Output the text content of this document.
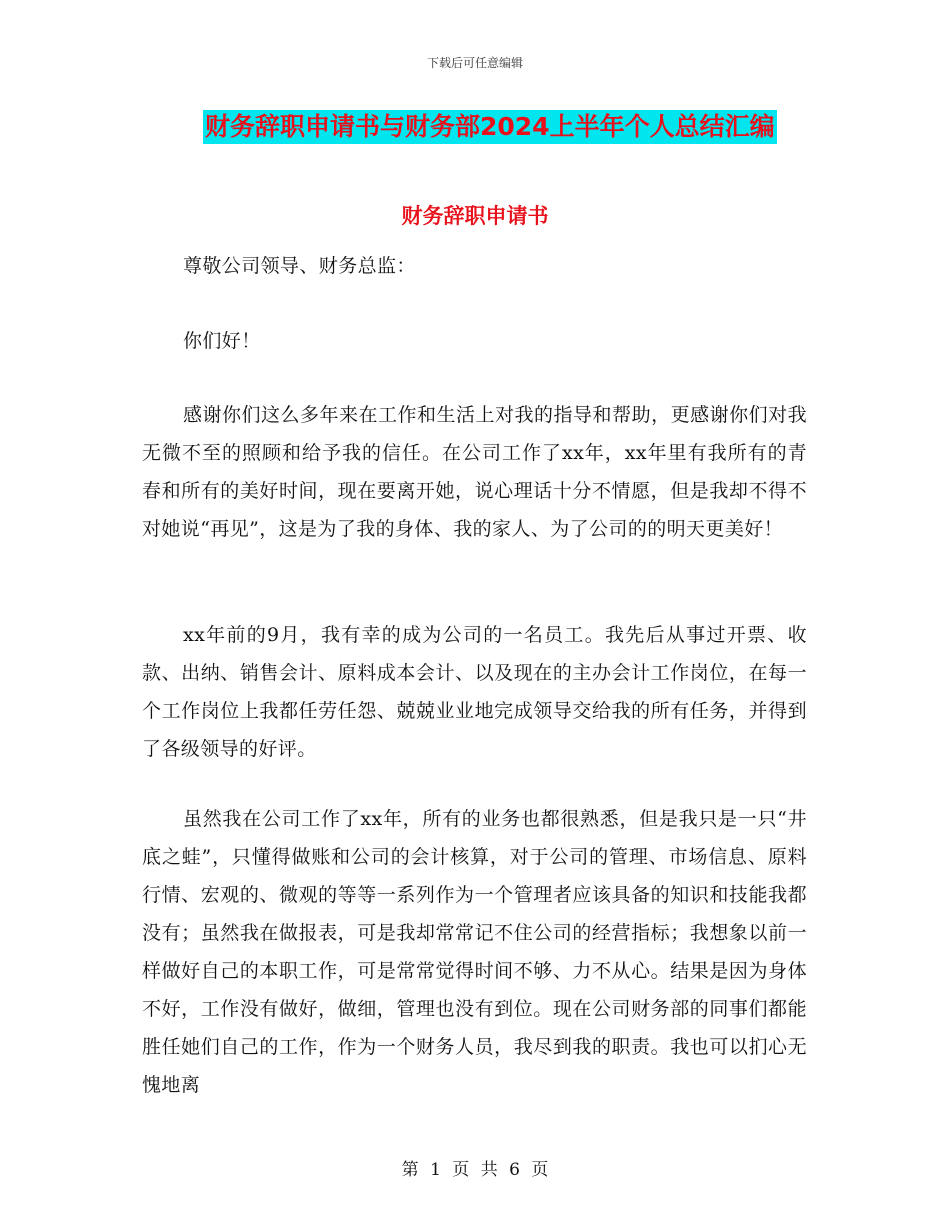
下载后可任意编辑
财务辞职申请书与财务部2024上半年个人总结汇编
财务辞职申请书
尊敬公司领导、财务总监：
你们好！
感谢你们这么多年来在工作和生活上对我的指导和帮助，更感谢你们对我无微不至的照顾和给予我的信任。在公司工作了xx年，xx年里有我所有的青春和所有的美好时间，现在要离开她，说心理话十分不情愿，但是我却不得不对她说“再见”，这是为了我的身体、我的家人、为了公司的的明天更美好！
xx年前的9月，我有幸的成为公司的一名员工。我先后从事过开票、收款、出纳、销售会计、原料成本会计、以及现在的主办会计工作岗位，在每一个工作岗位上我都任劳任怨、兢兢业业地完成领导交给我的所有任务，并得到了各级领导的好评。
虽然我在公司工作了xx年，所有的业务也都很熟悉，但是我只是一只“井底之蛙”，只懂得做账和公司的会计核算，对于公司的管理、市场信息、原料行情、宏观的、微观的等等一系列作为一个管理者应该具备的知识和技能我都没有；虽然我在做报表，可是我却常常记不住公司的经营指标；我想象以前一样做好自己的本职工作，可是常常觉得时间不够、力不从心。结果是因为身体不好，工作没有做好，做细，管理也没有到位。现在公司财务部的同事们都能胜任她们自己的工作，作为一个财务人员，我尽到我的职责。我也可以扪心无愧地离
第 1 页 共 6 页
